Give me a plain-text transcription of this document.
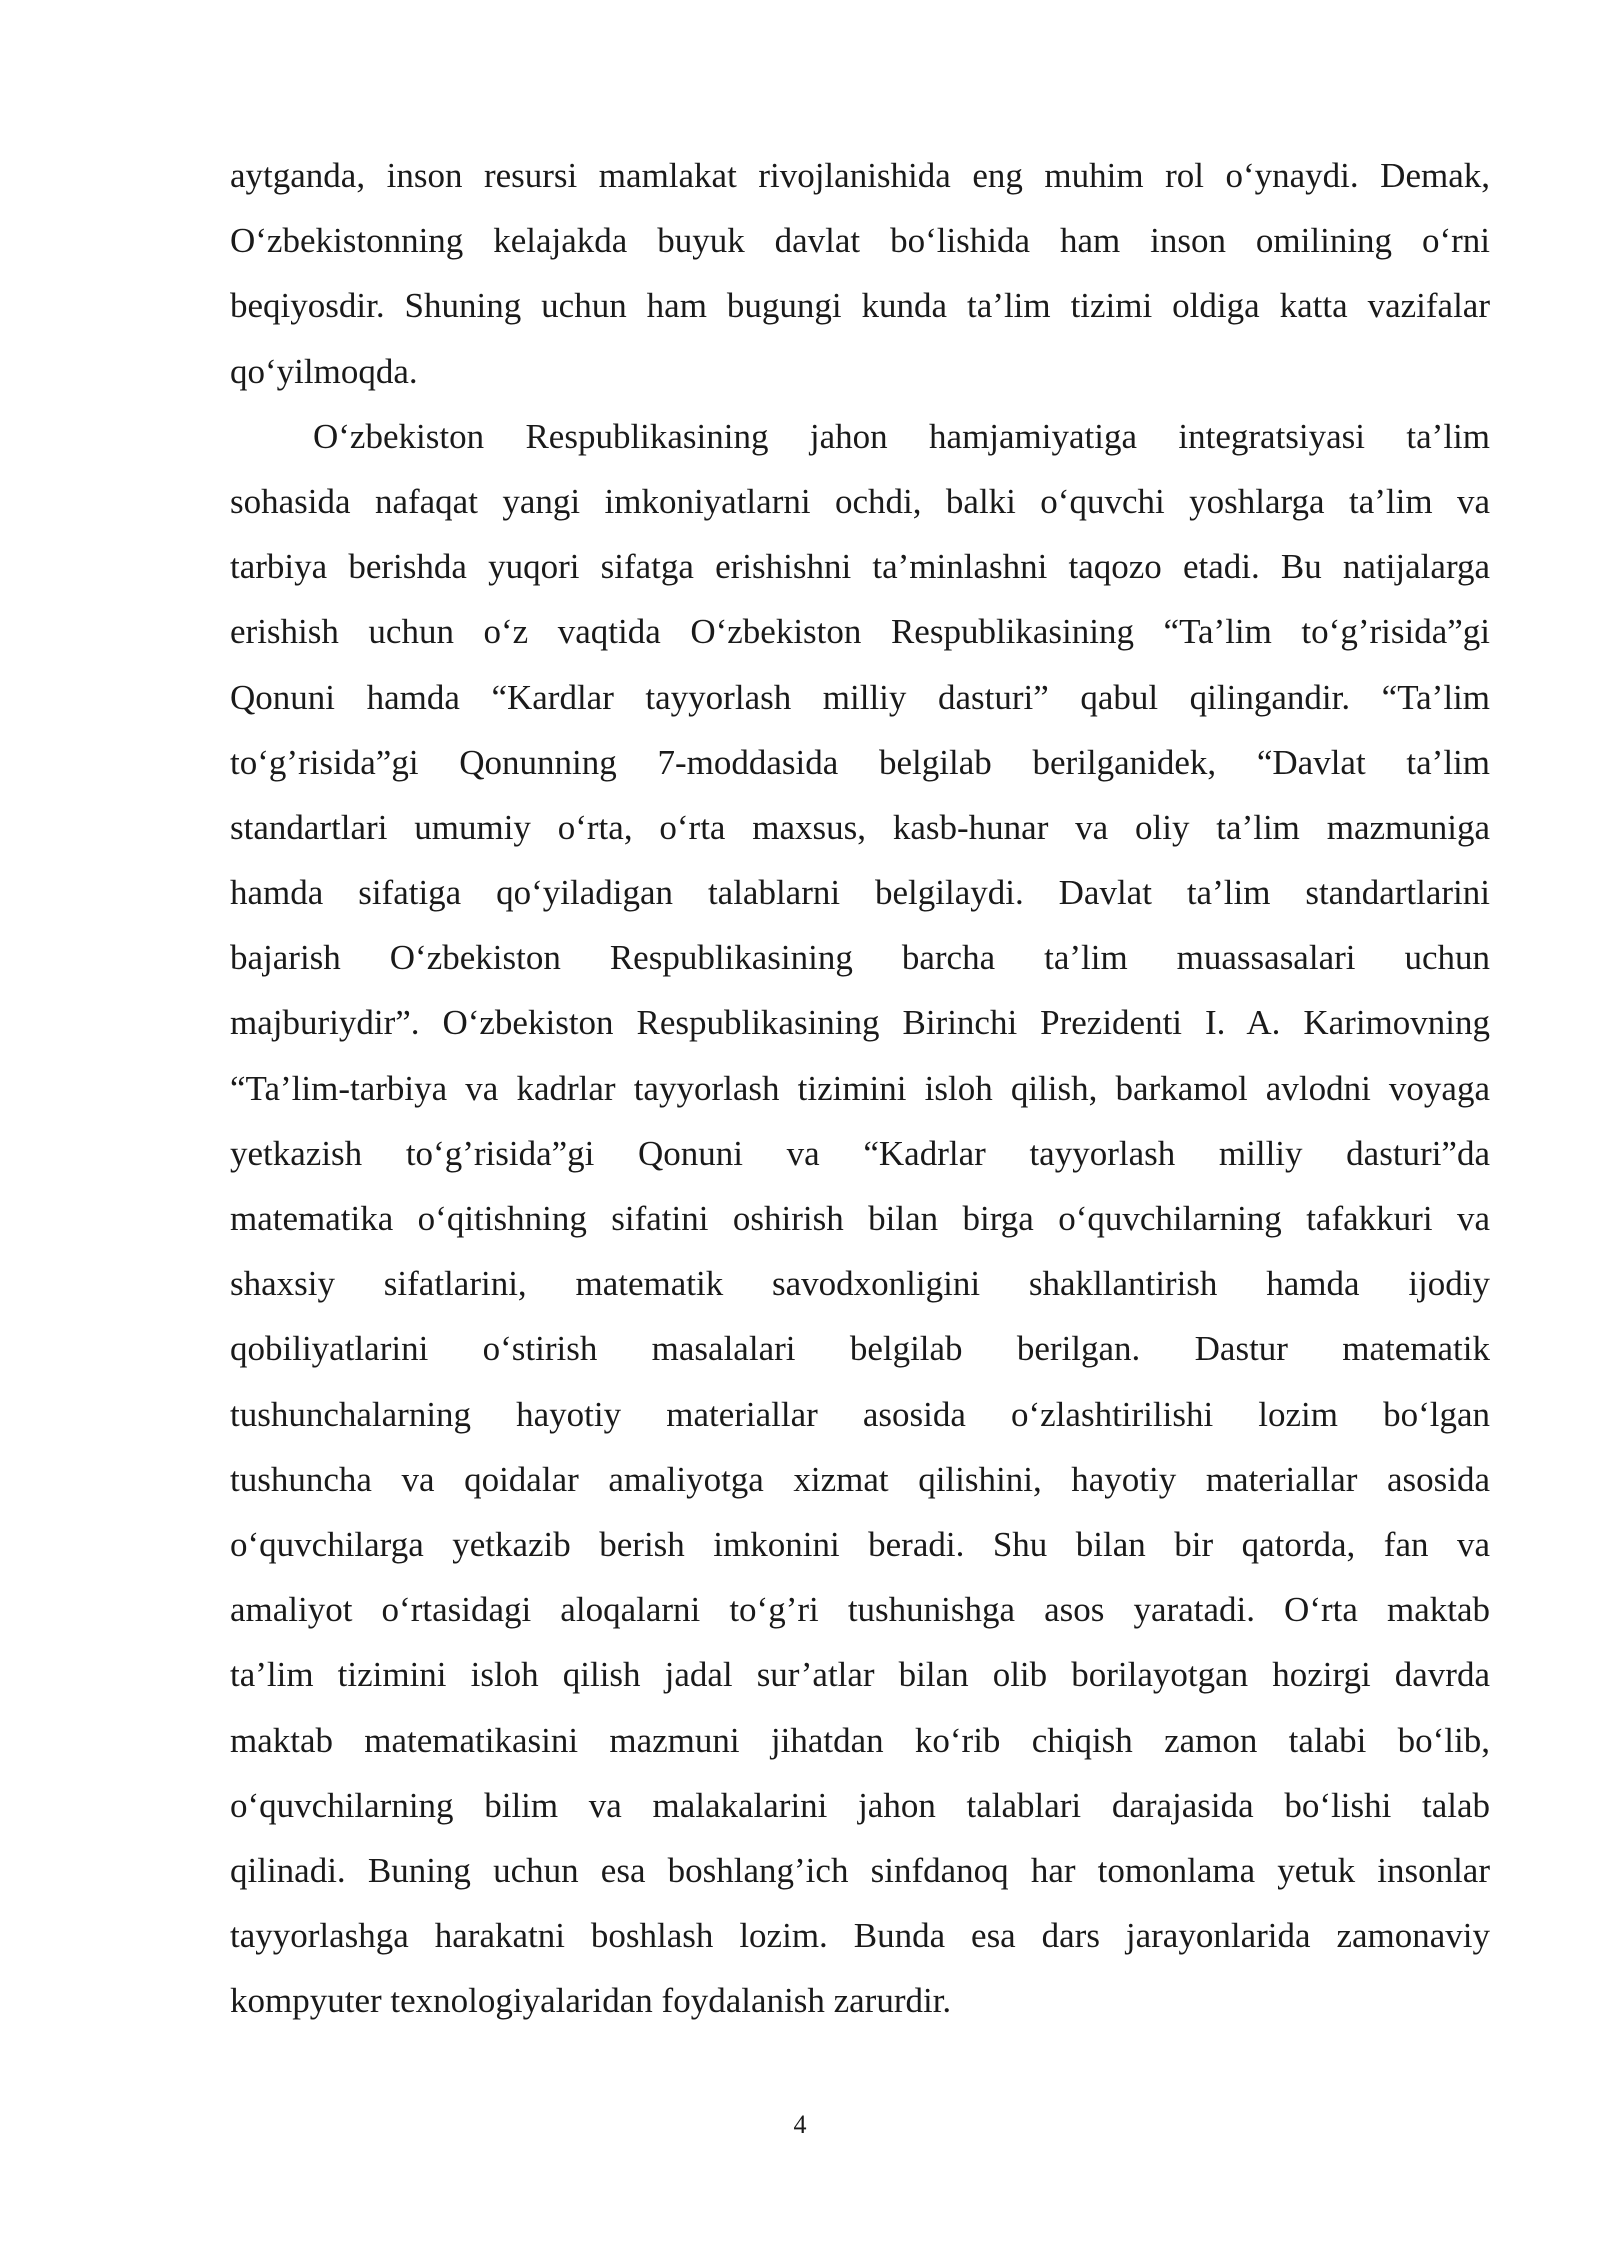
aytganda, inson resursi mamlakat rivojlanishida eng muhim rol o‘ynaydi. Demak,
O‘zbekistonning kelajakda buyuk davlat bo‘lishida ham inson omilining o‘rni
beqiyosdir. Shuning uchun ham bugungi kunda ta’lim tizimi oldiga katta vazifalar
qo‘yilmoqda.
O‘zbekiston Respublikasining jahon hamjamiyatiga integratsiyasi ta’lim
sohasida nafaqat yangi imkoniyatlarni ochdi, balki o‘quvchi yoshlarga ta’lim va
tarbiya berishda yuqori sifatga erishishni ta’minlashni taqozo etadi. Bu natijalarga
erishish uchun o‘z vaqtida O‘zbekiston Respublikasining “Ta’lim to‘g’risida”gi
Qonuni hamda “Kardlar tayyorlash milliy dasturi” qabul qilingandir. “Ta’lim
to‘g’risida”gi Qonunning 7-moddasida belgilab berilganidek, “Davlat ta’lim
standartlari umumiy o‘rta, o‘rta maxsus, kasb-hunar va oliy ta’lim mazmuniga
hamda sifatiga qo‘yiladigan talablarni belgilaydi. Davlat ta’lim standartlarini
bajarish O‘zbekiston Respublikasining barcha ta’lim muassasalari uchun
majburiydir”. O‘zbekiston Respublikasining Birinchi Prezidenti I. A. Karimovning
“Ta’lim-tarbiya va kadrlar tayyorlash tizimini isloh qilish, barkamol avlodni voyaga
yetkazish to‘g’risida”gi Qonuni va “Kadrlar tayyorlash milliy dasturi”da
matematika o‘qitishning sifatini oshirish bilan birga o‘quvchilarning tafakkuri va
shaxsiy sifatlarini, matematik savodxonligini shakllantirish hamda ijodiy
qobiliyatlarini o‘stirish masalalari belgilab berilgan. Dastur matematik
tushunchalarning hayotiy materiallar asosida o‘zlashtirilishi lozim bo‘lgan
tushuncha va qoidalar amaliyotga xizmat qilishini, hayotiy materiallar asosida
o‘quvchilarga yetkazib berish imkonini beradi. Shu bilan bir qatorda, fan va
amaliyot o‘rtasidagi aloqalarni to‘g’ri tushunishga asos yaratadi. O‘rta maktab
ta’lim tizimini isloh qilish jadal sur’atlar bilan olib borilayotgan hozirgi davrda
maktab matematikasini mazmuni jihatdan ko‘rib chiqish zamon talabi bo‘lib,
o‘quvchilarning bilim va malakalarini jahon talablari darajasida bo‘lishi talab
qilinadi. Buning uchun esa boshlang’ich sinfdanoq har tomonlama yetuk insonlar
tayyorlashga harakatni boshlash lozim. Bunda esa dars jarayonlarida zamonaviy
kompyuter texnologiyalaridan foydalanish zarurdir.
4
